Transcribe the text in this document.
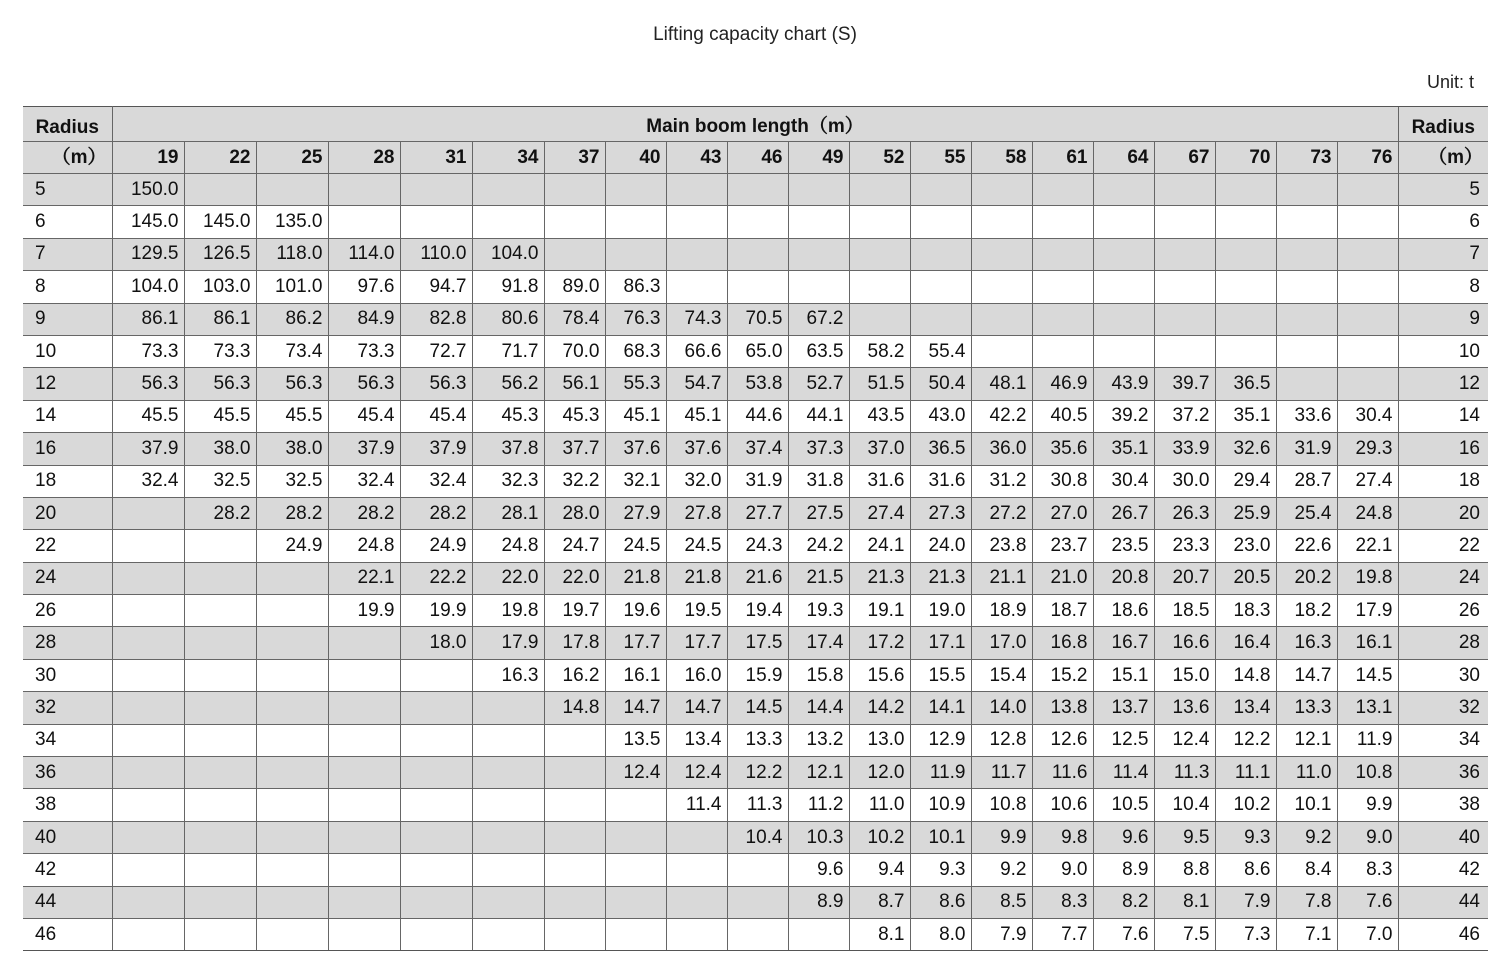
Lifting capacity chart (S)
Unit: t
Radius	Main boom length（m）																				Radius
（m）	19	22	25	28	31	34	37	40	43	46	49	52	55	58	61	64	67	70	73	76	（m）
5	150.0																				5
6	145.0	145.0	135.0																		6
7	129.5	126.5	118.0	114.0	110.0	104.0															7
8	104.0	103.0	101.0	97.6	94.7	91.8	89.0	86.3													8
9	86.1	86.1	86.2	84.9	82.8	80.6	78.4	76.3	74.3	70.5	67.2										9
10	73.3	73.3	73.4	73.3	72.7	71.7	70.0	68.3	66.6	65.0	63.5	58.2	55.4								10
12	56.3	56.3	56.3	56.3	56.3	56.2	56.1	55.3	54.7	53.8	52.7	51.5	50.4	48.1	46.9	43.9	39.7	36.5			12
14	45.5	45.5	45.5	45.4	45.4	45.3	45.3	45.1	45.1	44.6	44.1	43.5	43.0	42.2	40.5	39.2	37.2	35.1	33.6	30.4	14
16	37.9	38.0	38.0	37.9	37.9	37.8	37.7	37.6	37.6	37.4	37.3	37.0	36.5	36.0	35.6	35.1	33.9	32.6	31.9	29.3	16
18	32.4	32.5	32.5	32.4	32.4	32.3	32.2	32.1	32.0	31.9	31.8	31.6	31.6	31.2	30.8	30.4	30.0	29.4	28.7	27.4	18
20		28.2	28.2	28.2	28.2	28.1	28.0	27.9	27.8	27.7	27.5	27.4	27.3	27.2	27.0	26.7	26.3	25.9	25.4	24.8	20
22			24.9	24.8	24.9	24.8	24.7	24.5	24.5	24.3	24.2	24.1	24.0	23.8	23.7	23.5	23.3	23.0	22.6	22.1	22
24				22.1	22.2	22.0	22.0	21.8	21.8	21.6	21.5	21.3	21.3	21.1	21.0	20.8	20.7	20.5	20.2	19.8	24
26				19.9	19.9	19.8	19.7	19.6	19.5	19.4	19.3	19.1	19.0	18.9	18.7	18.6	18.5	18.3	18.2	17.9	26
28					18.0	17.9	17.8	17.7	17.7	17.5	17.4	17.2	17.1	17.0	16.8	16.7	16.6	16.4	16.3	16.1	28
30						16.3	16.2	16.1	16.0	15.9	15.8	15.6	15.5	15.4	15.2	15.1	15.0	14.8	14.7	14.5	30
32							14.8	14.7	14.7	14.5	14.4	14.2	14.1	14.0	13.8	13.7	13.6	13.4	13.3	13.1	32
34								13.5	13.4	13.3	13.2	13.0	12.9	12.8	12.6	12.5	12.4	12.2	12.1	11.9	34
36								12.4	12.4	12.2	12.1	12.0	11.9	11.7	11.6	11.4	11.3	11.1	11.0	10.8	36
38									11.4	11.3	11.2	11.0	10.9	10.8	10.6	10.5	10.4	10.2	10.1	9.9	38
40										10.4	10.3	10.2	10.1	9.9	9.8	9.6	9.5	9.3	9.2	9.0	40
42											9.6	9.4	9.3	9.2	9.0	8.9	8.8	8.6	8.4	8.3	42
44											8.9	8.7	8.6	8.5	8.3	8.2	8.1	7.9	7.8	7.6	44
46												8.1	8.0	7.9	7.7	7.6	7.5	7.3	7.1	7.0	46
